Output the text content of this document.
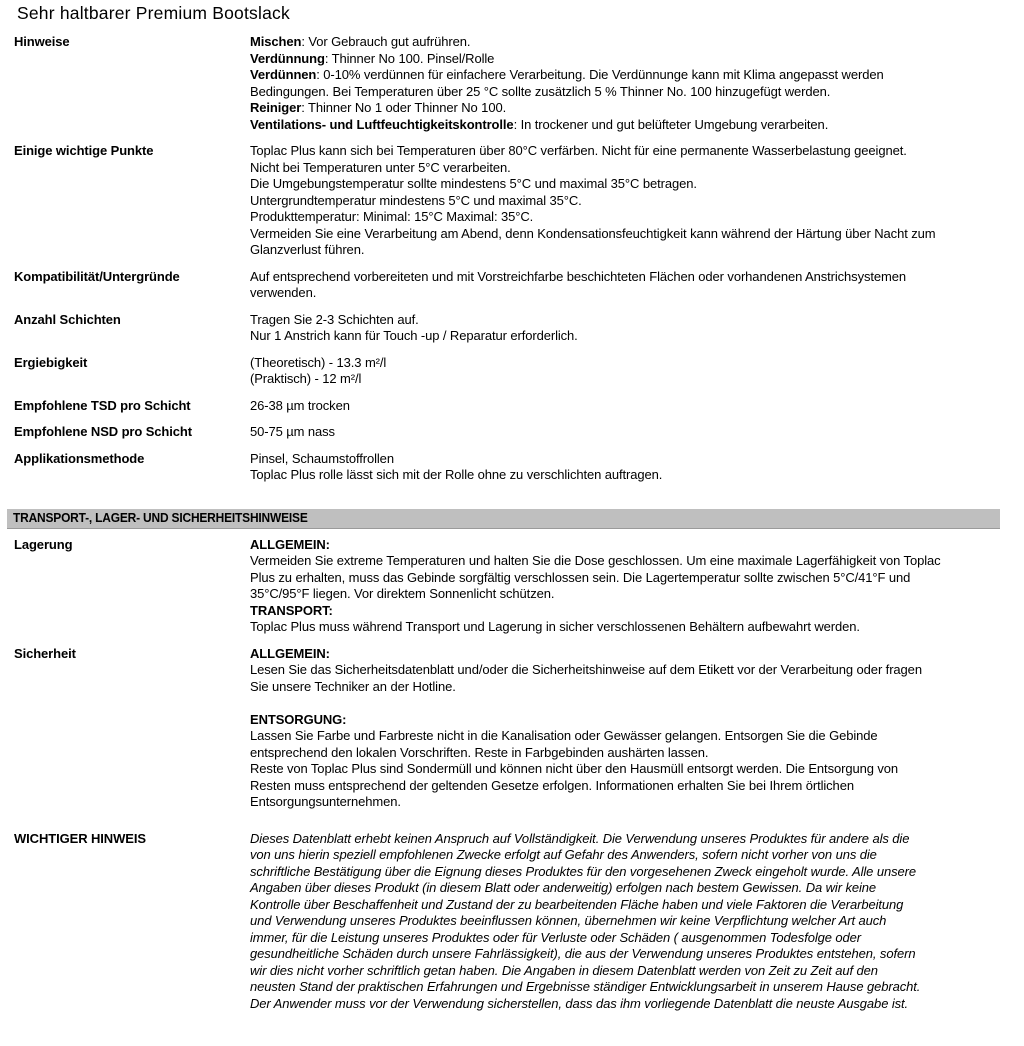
Sehr haltbarer Premium Bootslack
Hinweise	Mischen: Vor Gebrauch gut aufrühren.
Verdünnung: Thinner No 100. Pinsel/Rolle
Verdünnen: 0-10% verdünnen für einfachere Verarbeitung. Die Verdünnunge kann mit Klima angepasst werden
Bedingungen. Bei Temperaturen über 25 °C sollte zusätzlich 5 % Thinner No. 100 hinzugefügt werden.
Reiniger: Thinner No 1 oder Thinner No 100.
Ventilations- und Luftfeuchtigkeitskontrolle: In trockener und gut belüfteter Umgebung verarbeiten.
Einige wichtige Punkte	Toplac Plus kann sich bei Temperaturen über 80°C verfärben. Nicht für eine permanente Wasserbelastung geeignet.
Nicht bei Temperaturen unter 5°C verarbeiten.
Die Umgebungstemperatur sollte mindestens 5°C und maximal 35°C betragen.
Untergrundtemperatur mindestens 5°C und maximal 35°C.
Produkttemperatur: Minimal: 15°C Maximal: 35°C.
Vermeiden Sie eine Verarbeitung am Abend, denn Kondensationsfeuchtigkeit kann während der Härtung über Nacht zum
Glanzverlust führen.
Kompatibilität/Untergründe	Auf entsprechend vorbereiteten und mit Vorstreichfarbe beschichteten Flächen oder vorhandenen Anstrichsystemen
verwenden.
Anzahl Schichten	Tragen Sie 2-3 Schichten auf.
Nur 1 Anstrich kann für Touch -up / Reparatur erforderlich.
Ergiebigkeit	(Theoretisch) - 13.3 m²/l
(Praktisch) - 12 m²/l
Empfohlene TSD pro Schicht	26-38 µm trocken
Empfohlene NSD pro Schicht	50-75 µm nass
Applikationsmethode	Pinsel, Schaumstoffrollen
Toplac Plus rolle lässt sich mit der Rolle ohne zu verschlichten auftragen.
TRANSPORT-, LAGER- UND SICHERHEITSHINWEISE
Lagerung	ALLGEMEIN:
Vermeiden Sie extreme Temperaturen und halten Sie die Dose geschlossen. Um eine maximale Lagerfähigkeit von Toplac
Plus zu erhalten, muss das Gebinde sorgfältig verschlossen sein. Die Lagertemperatur sollte zwischen 5°C/41°F und
35°C/95°F liegen. Vor direktem Sonnenlicht schützen.
TRANSPORT:
Toplac Plus muss während Transport und Lagerung in sicher verschlossenen Behältern aufbewahrt werden.
Sicherheit	ALLGEMEIN:
Lesen Sie das Sicherheitsdatenblatt und/oder die Sicherheitshinweise auf dem Etikett vor der Verarbeitung oder fragen
Sie unsere Techniker an der Hotline.

ENTSORGUNG:
Lassen Sie Farbe und Farbreste nicht in die Kanalisation oder Gewässer gelangen. Entsorgen Sie die Gebinde
entsprechend den lokalen Vorschriften. Reste in Farbgebinden aushärten lassen.
Reste von Toplac Plus sind Sondermüll und können nicht über den Hausmüll entsorgt werden. Die Entsorgung von
Resten muss entsprechend der geltenden Gesetze erfolgen. Informationen erhalten Sie bei Ihrem örtlichen
Entsorgungsunternehmen.
WICHTIGER HINWEIS	Dieses Datenblatt erhebt keinen Anspruch auf Vollständigkeit. Die Verwendung unseres Produktes für andere als die
von uns hierin speziell empfohlenen Zwecke erfolgt auf Gefahr des Anwenders, sofern nicht vorher von uns die
schriftliche Bestätigung über die Eignung dieses Produktes für den vorgesehenen Zweck eingeholt wurde. Alle unsere
Angaben über dieses Produkt (in diesem Blatt oder anderweitig) erfolgen nach bestem Gewissen. Da wir keine
Kontrolle über Beschaffenheit und Zustand der zu bearbeitenden Fläche haben und viele Faktoren die Verarbeitung
und Verwendung unseres Produktes beeinflussen können, übernehmen wir keine Verpflichtung welcher Art auch
immer, für die Leistung unseres Produktes oder für Verluste oder Schäden ( ausgenommen Todesfolge oder
gesundheitliche Schäden durch unsere Fahrlässigkeit), die aus der Verwendung unseres Produktes entstehen, sofern
wir dies nicht vorher schriftlich getan haben. Die Angaben in diesem Datenblatt werden von Zeit zu Zeit auf den
neusten Stand der praktischen Erfahrungen und Ergebnisse ständiger Entwicklungsarbeit in unserem Hause gebracht.
Der Anwender muss vor der Verwendung sicherstellen, dass das ihm vorliegende Datenblatt die neuste Ausgabe ist.
